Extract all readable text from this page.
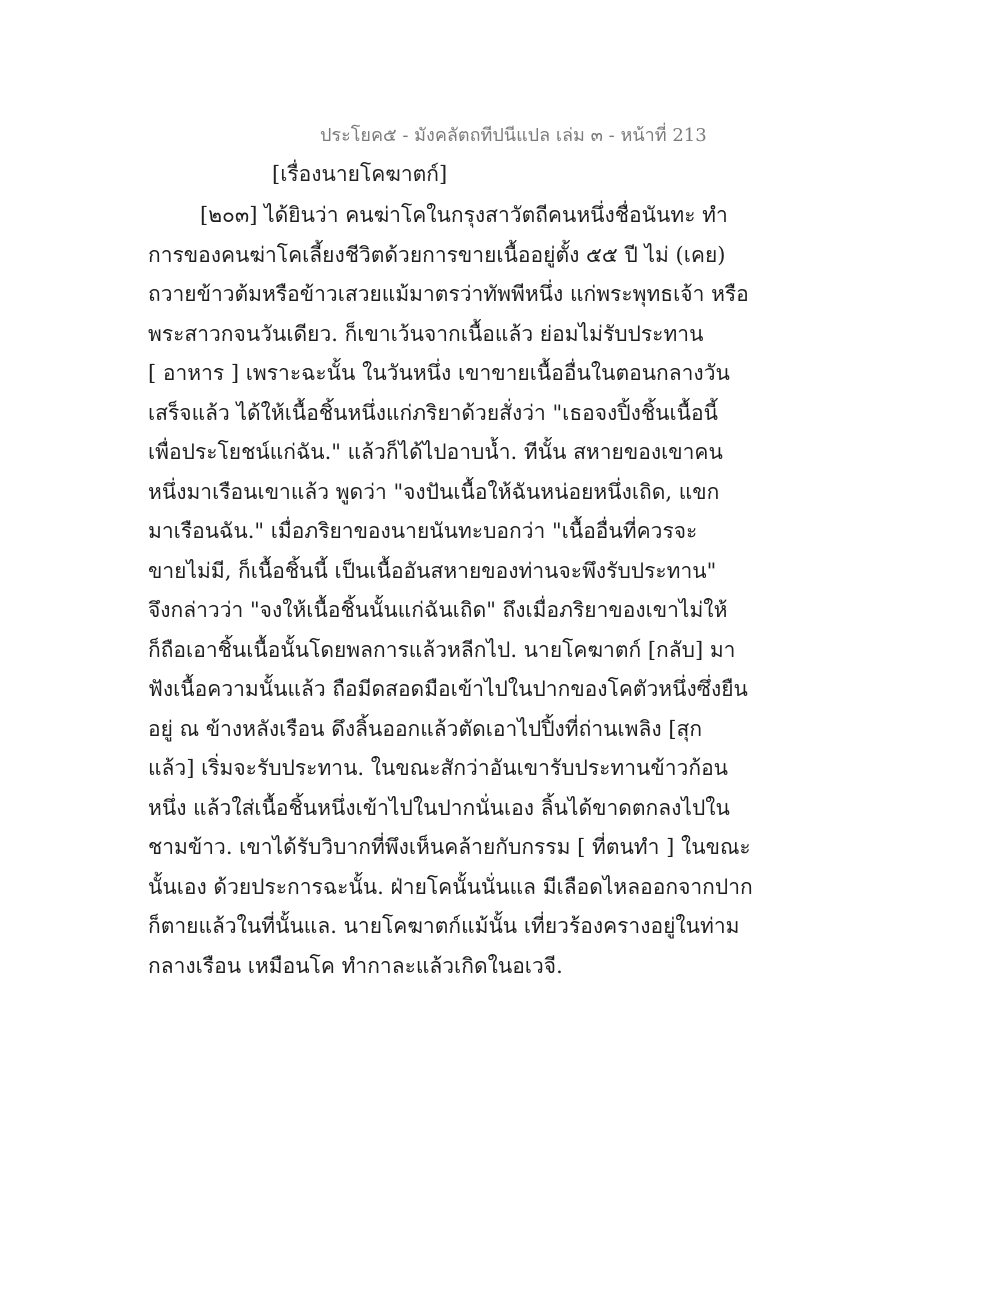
ประโยค๕ - มังคลัตถทีปนีแปล เล่ม ๓ - หน้าที่ 213
[เรื่องนายโคฆาตก์]
[๒๐๓] ได้ยินว่า คนฆ่าโคในกรุงสาวัตถีคนหนึ่งชื่อนันทะ ทำ
การของคนฆ่าโคเลี้ยงชีวิตด้วยการขายเนื้ออยู่ตั้ง ๕๕ ปี ไม่ (เคย)
ถวายข้าวต้มหรือข้าวเสวยแม้มาตรว่าทัพพีหนึ่ง แก่พระพุทธเจ้า หรือ
พระสาวกจนวันเดียว. ก็เขาเว้นจากเนื้อแล้ว ย่อมไม่รับประทาน
[ อาหาร ] เพราะฉะนั้น ในวันหนึ่ง เขาขายเนื้ออื่นในตอนกลางวัน
เสร็จแล้ว ได้ให้เนื้อชิ้นหนึ่งแก่ภริยาด้วยสั่งว่า "เธอจงปิ้งชิ้นเนื้อนี้
เพื่อประโยชน์แก่ฉัน." แล้วก็ได้ไปอาบน้ำ. ทีนั้น สหายของเขาคน
หนึ่งมาเรือนเขาแล้ว พูดว่า "จงปันเนื้อให้ฉันหน่อยหนึ่งเถิด, แขก
มาเรือนฉัน." เมื่อภริยาของนายนันทะบอกว่า "เนื้ออื่นที่ควรจะ
ขายไม่มี, ก็เนื้อชิ้นนี้ เป็นเนื้ออันสหายของท่านจะพึงรับประทาน"
จึงกล่าวว่า "จงให้เนื้อชิ้นนั้นแก่ฉันเถิด" ถึงเมื่อภริยาของเขาไม่ให้
ก็ถือเอาชิ้นเนื้อนั้นโดยพลการแล้วหลีกไป. นายโคฆาตก์ [กลับ] มา
ฟังเนื้อความนั้นแล้ว ถือมีดสอดมือเข้าไปในปากของโคตัวหนึ่งซึ่งยืน
อยู่ ณ ข้างหลังเรือน ดึงลิ้นออกแล้วตัดเอาไปปิ้งที่ถ่านเพลิง [สุก
แล้ว] เริ่มจะรับประทาน. ในขณะสักว่าอันเขารับประทานข้าวก้อน
หนึ่ง แล้วใส่เนื้อชิ้นหนึ่งเข้าไปในปากนั่นเอง ลิ้นได้ขาดตกลงไปใน
ชามข้าว. เขาได้รับวิบากที่พึงเห็นคล้ายกับกรรม [ ที่ตนทำ ] ในขณะ
นั้นเอง ด้วยประการฉะนั้น. ฝ่ายโคนั้นนั่นแล มีเลือดไหลออกจากปาก
ก็ตายแล้วในที่นั้นแล. นายโคฆาตก์แม้นั้น เที่ยวร้องครางอยู่ในท่าม
กลางเรือน เหมือนโค ทำกาละแล้วเกิดในอเวจี.
